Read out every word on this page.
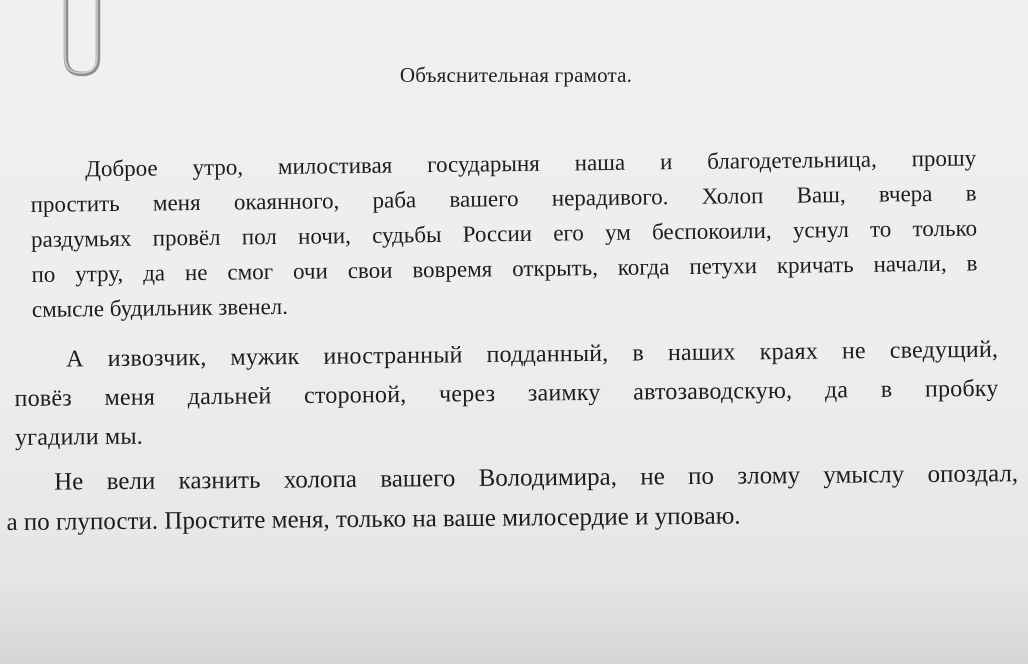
Объяснительная грамота.
Доброе утро, милостивая государыня наша и благодетельница, прошу
простить меня окаянного, раба вашего нерадивого. Холоп Ваш, вчера в
раздумьях провёл пол ночи, судьбы России его ум беспокоили, уснул то только
по утру, да не смог очи свои вовремя открыть, когда петухи кричать начали, в
смысле будильник звенел.
А извозчик, мужик иностранный подданный, в наших краях не сведущий,
повёз меня дальней стороной, через заимку автозаводскую, да в пробку
угадили мы.
Не вели казнить холопа вашего Володимира, не по злому умыслу опоздал,
а по глупости. Простите меня, только на ваше милосердие и уповаю.
